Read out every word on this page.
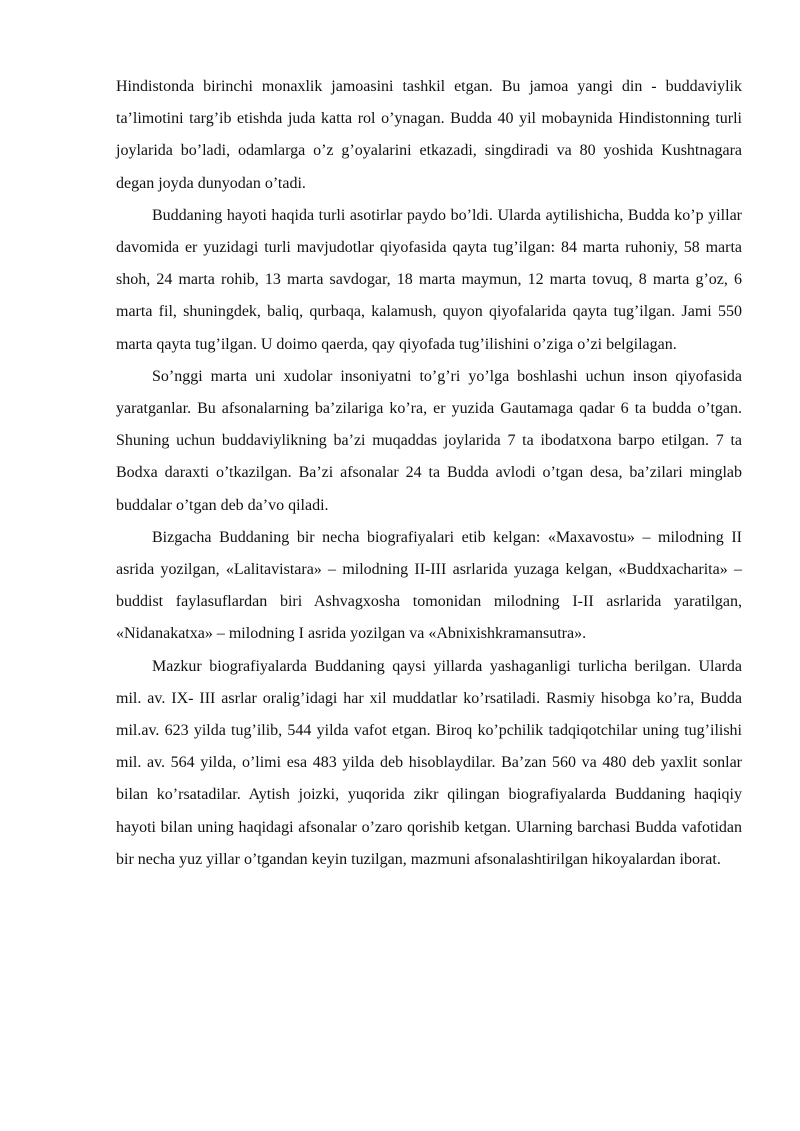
Hindistonda birinchi monaxlik jamoasini tashkil etgan. Bu jamoa yangi din - buddaviylik ta’limotini targ’ib etishda juda katta rol o’ynagan. Budda 40 yil mobaynida Hindistonning turli joylarida bo’ladi, odamlarga o’z g’oyalarini etkazadi, singdiradi va 80 yoshida Kushtnagara degan joyda dunyodan o’tadi.

Buddaning hayoti haqida turli asotirlar paydo bo’ldi. Ularda aytilishicha, Budda ko’p yillar davomida er yuzidagi turli mavjudotlar qiyofasida qayta tug’ilgan: 84 marta ruhoniy, 58 marta shoh, 24 marta rohib, 13 marta savdogar, 18 marta maymun, 12 marta tovuq, 8 marta g’oz, 6 marta fil, shuningdek, baliq, qurbaqa, kalamush, quyon qiyofalarida qayta tug’ilgan. Jami 550 marta qayta tug’ilgan. U doimo qaerda, qay qiyofada tug’ilishini o’ziga o’zi belgilagan.

So’nggi marta uni xudolar insoniyatni to’g’ri yo’lga boshlashi uchun inson qiyofasida yaratganlar. Bu afsonalarning ba’zilariga ko’ra, er yuzida Gautamaga qadar 6 ta budda o’tgan. Shuning uchun buddaviylikning ba’zi muqaddas joylarida 7 ta ibodatxona barpo etilgan. 7 ta Bodxa daraxti o’tkazilgan. Ba’zi afsonalar 24 ta Budda avlodi o’tgan desa, ba’zilari minglab buddalar o’tgan deb da’vo qiladi.

Bizgacha Buddaning bir necha biografiyalari etib kelgan: «Maxavostu» – milodning II asrida yozilgan, «Lalitavistara» – milodning II-III asrlarida yuzaga kelgan, «Buddxacharita» – buddist faylasuflardan biri Ashvagxosha tomonidan milodning I-II asrlarida yaratilgan, «Nidanakatxa» – milodning I asrida yozilgan va «Abnixishkramansutra».

Mazkur biografiyalarda Buddaning qaysi yillarda yashaganligi turlicha berilgan. Ularda mil. av. IX- III asrlar oralig’idagi har xil muddatlar ko’rsatiladi. Rasmiy hisobga ko’ra, Budda mil.av. 623 yilda tug’ilib, 544 yilda vafot etgan. Biroq ko’pchilik tadqiqotchilar uning tug’ilishi mil. av. 564 yilda, o’limi esa 483 yilda deb hisoblaydilar. Ba’zan 560 va 480 deb yaxlit sonlar bilan ko’rsatadilar. Aytish joizki, yuqorida zikr qilingan biografiyalarda Buddaning haqiqiy hayoti bilan uning haqidagi afsonalar o’zaro qorishib ketgan. Ularning barchasi Budda vafotidan bir necha yuz yillar o’tgandan keyin tuzilgan, mazmuni afsonalashtirilgan hikoyalardan iborat.
